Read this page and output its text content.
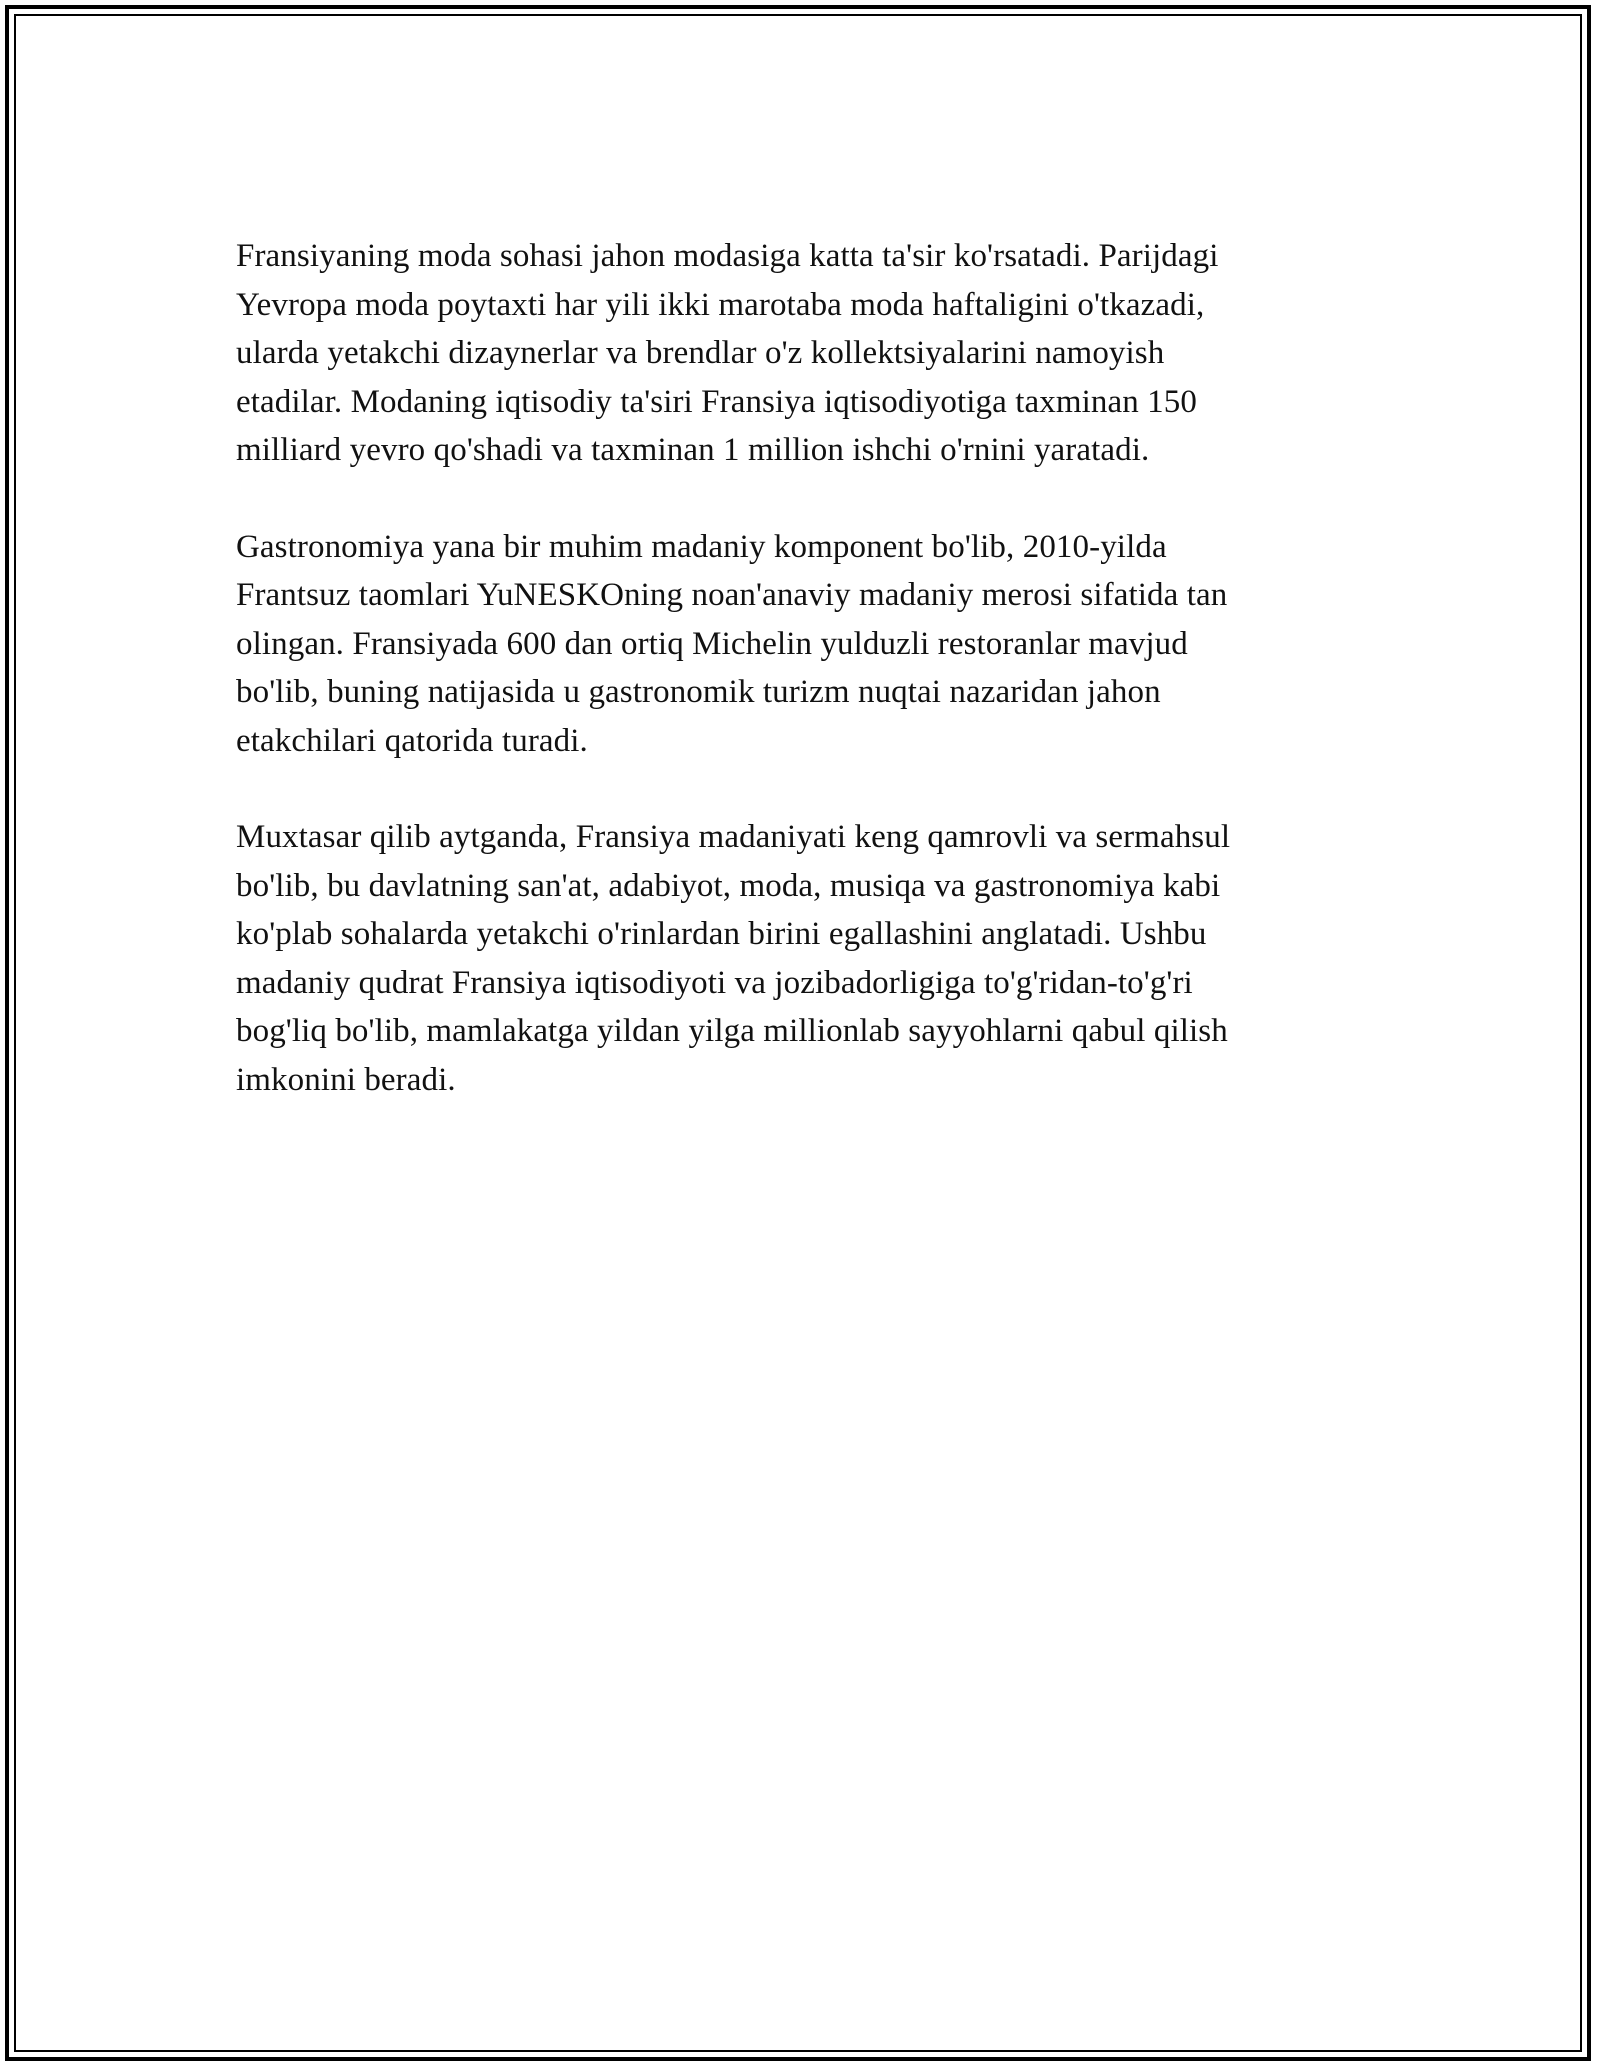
Fransiyaning moda sohasi jahon modasiga katta ta'sir ko'rsatadi. Parijdagi
Yevropa moda poytaxti har yili ikki marotaba moda haftaligini o'tkazadi,
ularda yetakchi dizaynerlar va brendlar o'z kollektsiyalarini namoyish
etadilar. Modaning iqtisodiy ta'siri Fransiya iqtisodiyotiga taxminan 150
milliard yevro qo'shadi va taxminan 1 million ishchi o'rnini yaratadi.

Gastronomiya yana bir muhim madaniy komponent bo'lib, 2010-yilda
Frantsuz taomlari YuNESKOning noan'anaviy madaniy merosi sifatida tan
olingan. Fransiyada 600 dan ortiq Michelin yulduzli restoranlar mavjud
bo'lib, buning natijasida u gastronomik turizm nuqtai nazaridan jahon
etakchilari qatorida turadi.

Muxtasar qilib aytganda, Fransiya madaniyati keng qamrovli va sermahsul
bo'lib, bu davlatning san'at, adabiyot, moda, musiqa va gastronomiya kabi
ko'plab sohalarda yetakchi o'rinlardan birini egallashini anglatadi. Ushbu
madaniy qudrat Fransiya iqtisodiyoti va jozibadorligiga to'g'ridan-to'g'ri
bog'liq bo'lib, mamlakatga yildan yilga millionlab sayyohlarni qabul qilish
imkonini beradi.
